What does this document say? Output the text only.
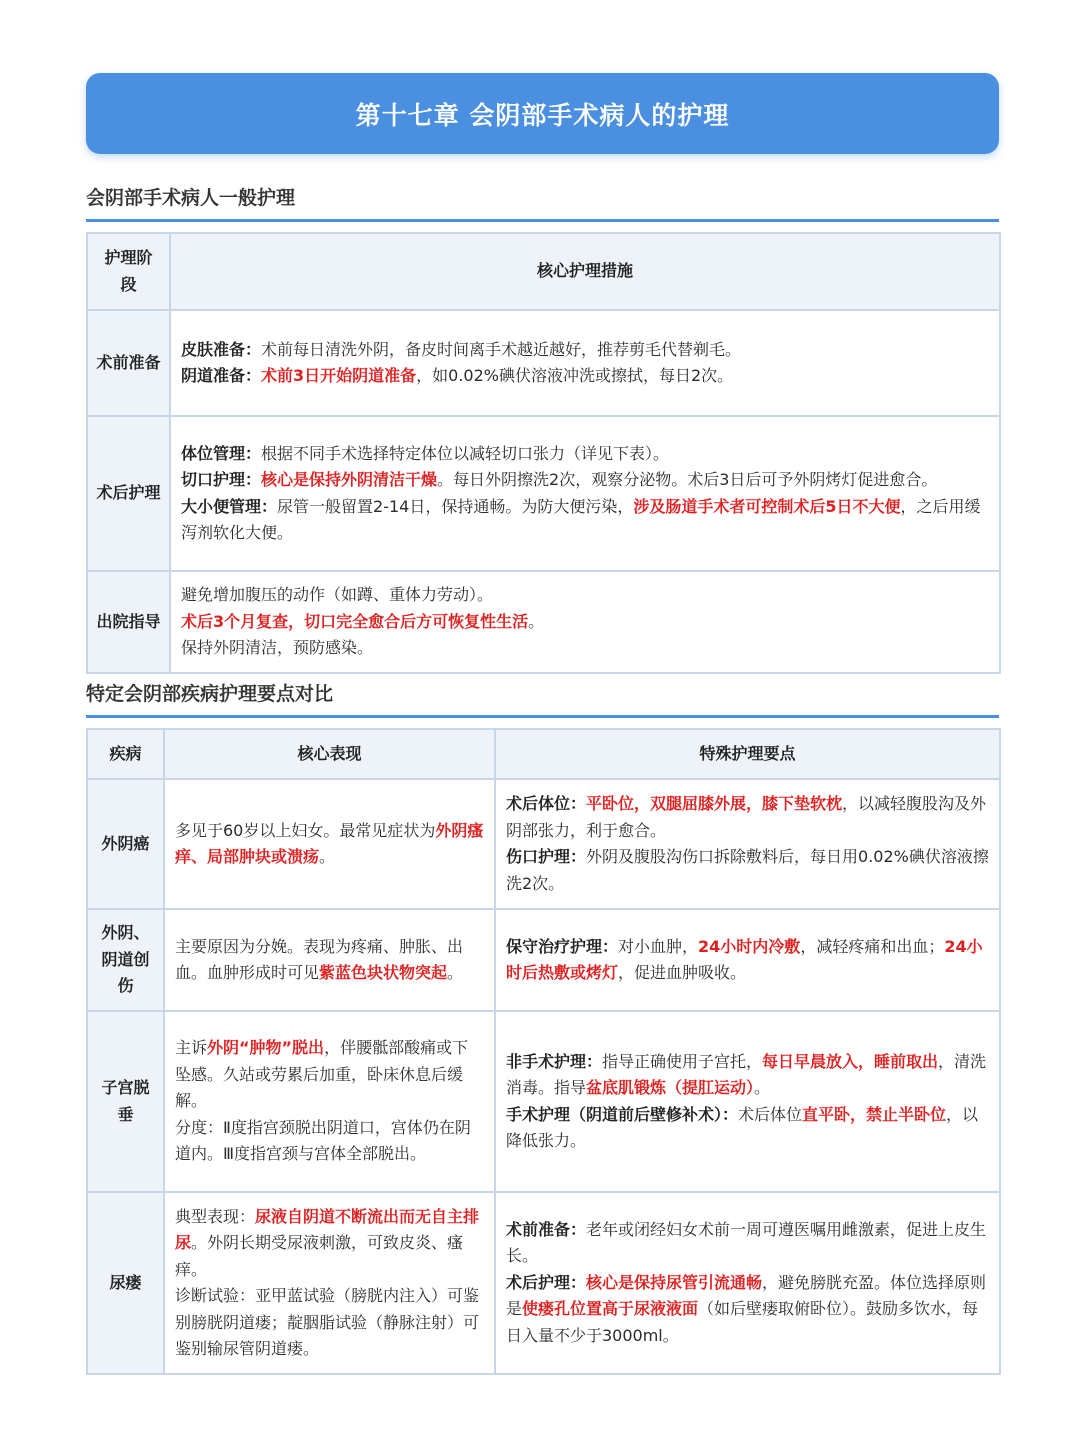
第十七章 会阴部手术病人的护理
会阴部手术病人一般护理
护理阶段	核心护理措施
术前准备	皮肤准备：术前每日清洗外阴，备皮时间离手术越近越好，推荐剪毛代替剃毛。
阴道准备：术前3日开始阴道准备，如0.02%碘伏溶液冲洗或擦拭，每日2次。

术后护理	体位管理：根据不同手术选择特定体位以减轻切口张力（详见下表）。
切口护理：核心是保持外阴清洁干燥。每日外阴擦洗2次，观察分泌物。术后3日后可予外阴烤灯促进愈合。
大小便管理：尿管一般留置2-14日，保持通畅。为防大便污染，涉及肠道手术者可控制术后5日不大便，之后用缓泻剂软化大便。

出院指导	避免增加腹压的动作（如蹲、重体力劳动）。
术后3个月复查，切口完全愈合后方可恢复性生活。
保持外阴清洁，预防感染。
特定会阴部疾病护理要点对比
疾病	核心表现	特殊护理要点
外阴癌	多见于60岁以上妇女。最常见症状为外阴瘙痒、局部肿块或溃疡。	术后体位：平卧位，双腿屈膝外展，膝下垫软枕，以减轻腹股沟及外阴部张力，利于愈合。
伤口护理：外阴及腹股沟伤口拆除敷料后，每日用0.02%碘伏溶液擦洗2次。

外阴、阴道创伤	主要原因为分娩。表现为疼痛、肿胀、出血。血肿形成时可见紫蓝色块状物突起。	保守治疗护理：对小血肿，24小时内冷敷，减轻疼痛和出血；24小时后热敷或烤灯，促进血肿吸收。

子宫脱垂	主诉外阴“肿物”脱出，伴腰骶部酸痛或下坠感。久站或劳累后加重，卧床休息后缓解。
分度：Ⅱ度指宫颈脱出阴道口，宫体仍在阴道内。Ⅲ度指宫颈与宫体全部脱出。	非手术护理：指导正确使用子宫托，每日早晨放入，睡前取出，清洗消毒。指导盆底肌锻炼（提肛运动）。
手术护理（阴道前后壁修补术）：术后体位直平卧，禁止半卧位，以降低张力。

尿瘘	典型表现：尿液自阴道不断流出而无自主排尿。外阴长期受尿液刺激，可致皮炎、瘙痒。
诊断试验：亚甲蓝试验（膀胱内注入）可鉴别膀胱阴道瘘；靛胭脂试验（静脉注射）可鉴别输尿管阴道瘘。	术前准备：老年或闭经妇女术前一周可遵医嘱用雌激素，促进上皮生长。
术后护理：核心是保持尿管引流通畅，避免膀胱充盈。体位选择原则是使瘘孔位置高于尿液液面（如后壁瘘取俯卧位）。鼓励多饮水，每日入量不少于3000ml。
